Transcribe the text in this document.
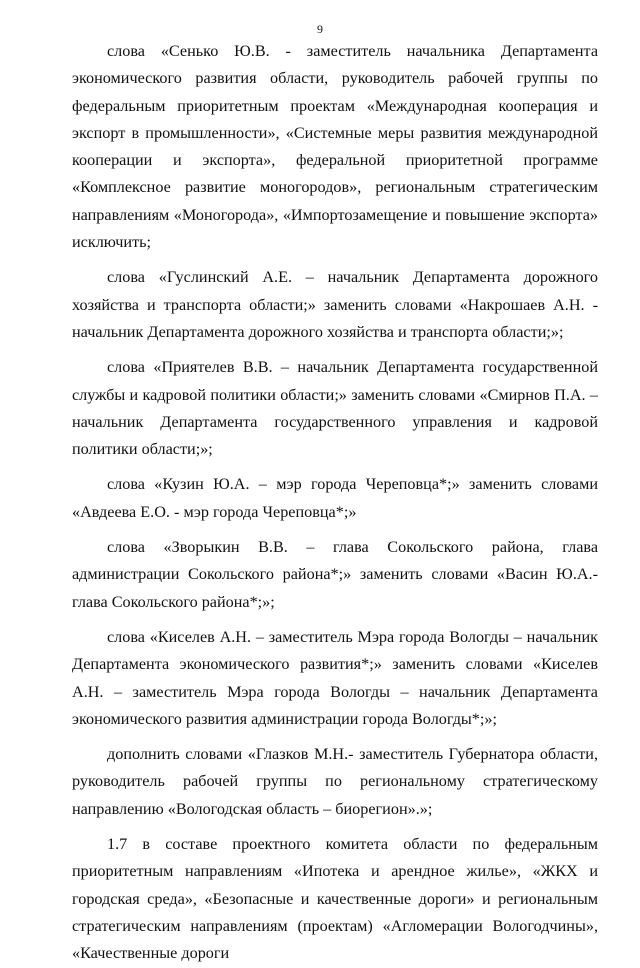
9

слова «Сенько Ю.В. - заместитель начальника Департамента экономического развития области, руководитель рабочей группы по федеральным приоритетным проектам «Международная кооперация и экспорт в промышленности», «Системные меры развития международной кооперации и экспорта», федеральной приоритетной программе «Комплексное развитие моногородов», региональным стратегическим направлениям «Моногорода», «Импортозамещение и повышение экспорта» исключить;

слова «Гуслинский А.Е. – начальник Департамента дорожного хозяйства и транспорта области;» заменить словами «Накрошаев А.Н. - начальник Департамента дорожного хозяйства и транспорта области;»;

слова «Приятелев В.В. – начальник Департамента государственной службы и кадровой политики области;» заменить словами «Смирнов П.А. – начальник Департамента государственного управления и кадровой политики области;»;

слова «Кузин Ю.А. – мэр города Череповца*;» заменить словами «Авдеева Е.О. - мэр города Череповца*;»

слова «Зворыкин В.В. – глава Сокольского района, глава администрации Сокольского района*;» заменить словами «Васин Ю.А.- глава Сокольского района*;»;

слова «Киселев А.Н. – заместитель Мэра города Вологды – начальник Департамента экономического развития*;» заменить словами «Киселев А.Н. – заместитель Мэра города Вологды – начальник Департамента экономического развития администрации города Вологды*;»;

дополнить словами «Глазков М.Н.- заместитель Губернатора области, руководитель рабочей группы по региональному стратегическому направлению «Вологодская область – биорегион».»;

1.7 в составе проектного комитета области по федеральным приоритетным направлениям «Ипотека и арендное жилье», «ЖКХ и городская среда», «Безопасные и качественные дороги» и региональным стратегическим направлениям (проектам) «Агломерации Вологодчины», «Качественные дороги
